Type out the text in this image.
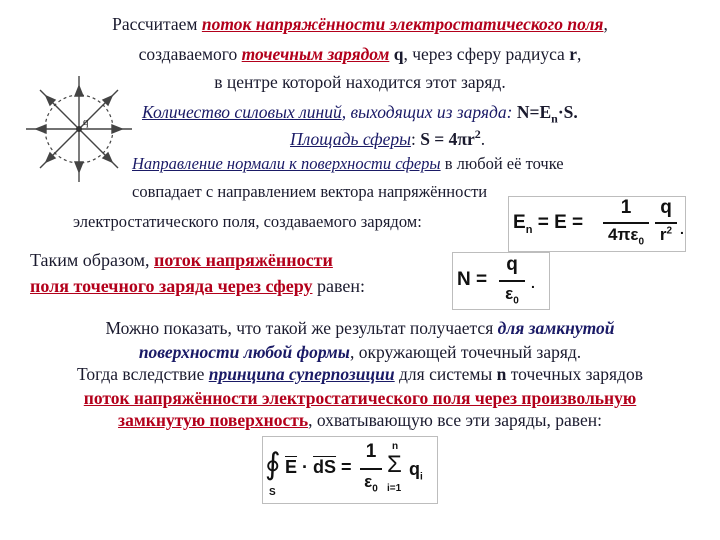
Рассчитаем поток напряжённости электростатического поля,
создаваемого точечным зарядом q, через сферу радиуса r,
в центре которой находится этот заряд.
q	Количество силовых линий, выходящих из заряда: $N=E_n\cdot S$.
Площадь сферы: $S = 4\pi r^2$.
Направление нормали к поверхности сферы в любой её точке
совпадает с направлением вектора напряжённости
электростатического поля, создаваемого зарядом:	$E_n = E$ =
1
$4\pi\varepsilon_0$
q
$r^2$ .
Таким образом, поток напряжённости
поля точечного заряда через сферу равен:	N =
q
$\varepsilon_0$
.
Можно показать, что такой же результат получается для замкнутой
поверхности любой формы, окружающей точечный заряд.
Тогда вследствие принципа суперпозиции для системы n точечных зарядов
поток напряжённости электростатического поля через произвольную
замкнутую поверхность, охватывающую все эти заряды, равен:
∮
S
$\overline{E} \cdot \overline{dS}$ =
1
$\varepsilon_0$
n
Σ
i=1
$q_i$
